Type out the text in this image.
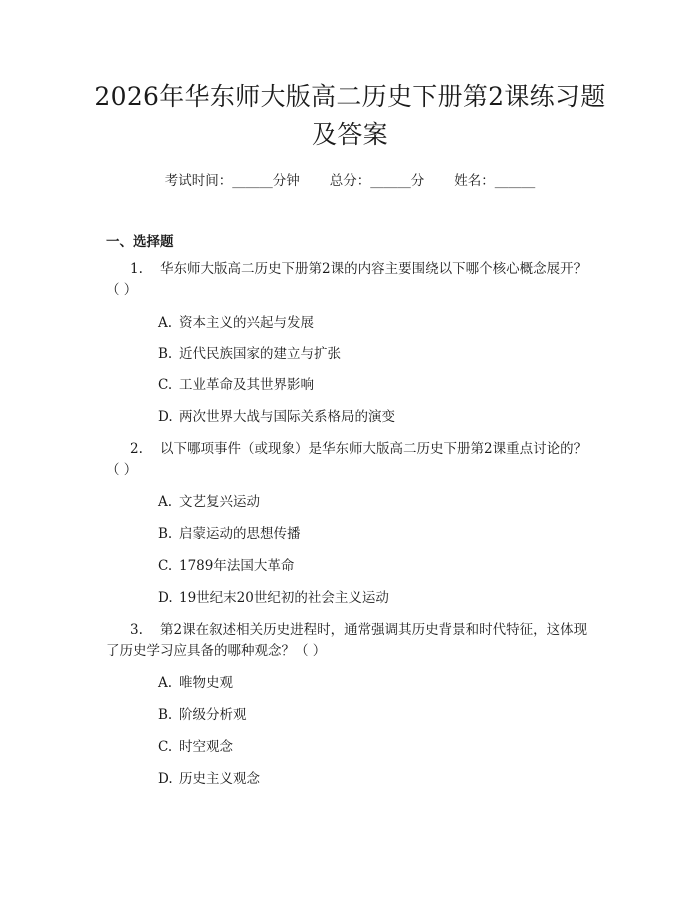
2026年华东师大版高二历史下册第2课练习题及答案
考试时间：______分钟 总分：______分 姓名：______
一、选择题

1. 华东师大版高二历史下册第2课的内容主要围绕以下哪个核心概念展开？（ ）

A. 资本主义的兴起与发展
B. 近代民族国家的建立与扩张
C. 工业革命及其世界影响
D. 两次世界大战与国际关系格局的演变

2. 以下哪项事件（或现象）是华东师大版高二历史下册第2课重点讨论的？（ ）

A. 文艺复兴运动
B. 启蒙运动的思想传播
C. 1789年法国大革命
D. 19世纪末20世纪初的社会主义运动

3. 第2课在叙述相关历史进程时，通常强调其历史背景和时代特征，这体现了历史学习应具备的哪种观念？（ ）

A. 唯物史观
B. 阶级分析观
C. 时空观念
D. 历史主义观念
